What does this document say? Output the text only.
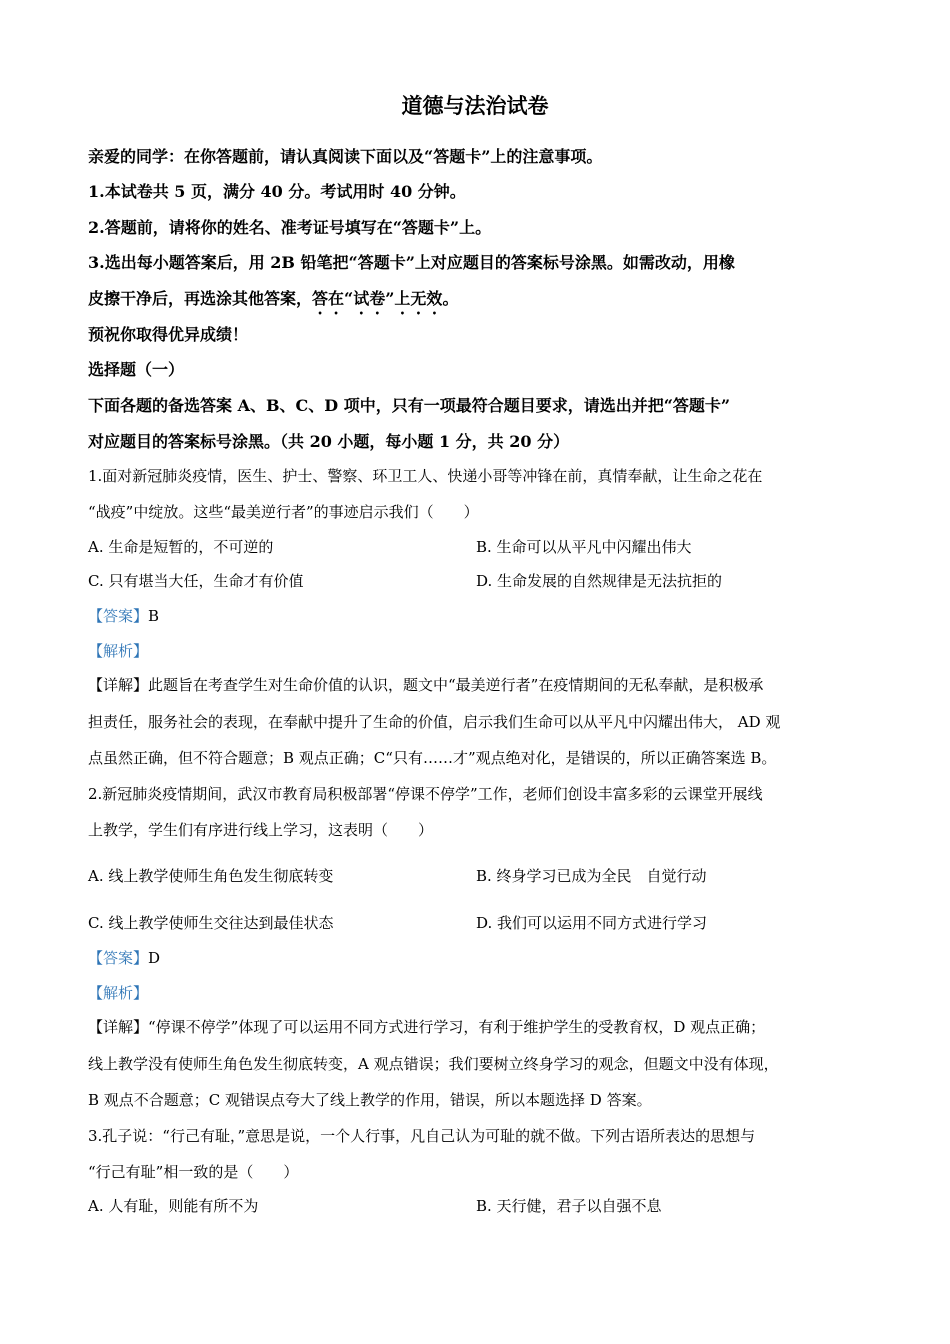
道德与法治试卷
亲爱的同学：在你答题前，请认真阅读下面以及“答题卡”上的注意事项。
1.本试卷共 5 页，满分 40 分。考试用时 40 分钟。
2.答题前，请将你的姓名、准考证号填写在“答题卡”上。
3.选出每小题答案后，用 2B 铅笔把“答题卡”上对应题目的答案标号涂黑。如需改动，用橡
皮擦干净后，再选涂其他答案，答在“试卷”上无效。
预祝你取得优异成绩！
选择题（一）
下面各题的备选答案 A、B、C、D 项中，只有一项最符合题目要求，请选出并把“答题卡”
对应题目的答案标号涂黑。（共 20 小题，每小题 1 分，共 20 分）
1.面对新冠肺炎疫情，医生、护士、警察、环卫工人、快递小哥等冲锋在前，真情奉献，让生命之花在
“战疫”中绽放。这些“最美逆行者”的事迹启示我们（　　）
A. 生命是短暂的，不可逆的	B. 生命可以从平凡中闪耀出伟大
C. 只有堪当大任，生命才有价值	D. 生命发展的自然规律是无法抗拒的
【答案】B
【解析】
【详解】此题旨在考查学生对生命价值的认识，题文中“最美逆行者”在疫情期间的无私奉献，是积极承
担责任，服务社会的表现，在奉献中提升了生命的价值，启示我们生命可以从平凡中闪耀出伟大， AD 观
点虽然正确，但不符合题意；B 观点正确；C“只有……才”观点绝对化，是错误的，所以正确答案选 B。
2.新冠肺炎疫情期间，武汉市教育局积极部署“停课不停学”工作，老师们创设丰富多彩的云课堂开展线
上教学，学生们有序进行线上学习，这表明（　　）
A. 线上教学使师生角色发生彻底转变	B. 终身学习已成为全民　自觉行动
C. 线上教学使师生交往达到最佳状态	D. 我们可以运用不同方式进行学习
【答案】D
【解析】
【详解】“停课不停学”体现了可以运用不同方式进行学习，有利于维护学生的受教育权，D 观点正确；
线上教学没有使师生角色发生彻底转变，A 观点错误；我们要树立终身学习的观念，但题文中没有体现，
B 观点不合题意；C 观错误点夸大了线上教学的作用，错误，所以本题选择 D 答案。
3.孔子说：“行己有耻，”意思是说，一个人行事，凡自己认为可耻的就不做。下列古语所表达的思想与
“行己有耻”相一致的是（　　）
A. 人有耻，则能有所不为	B. 天行健，君子以自强不息
